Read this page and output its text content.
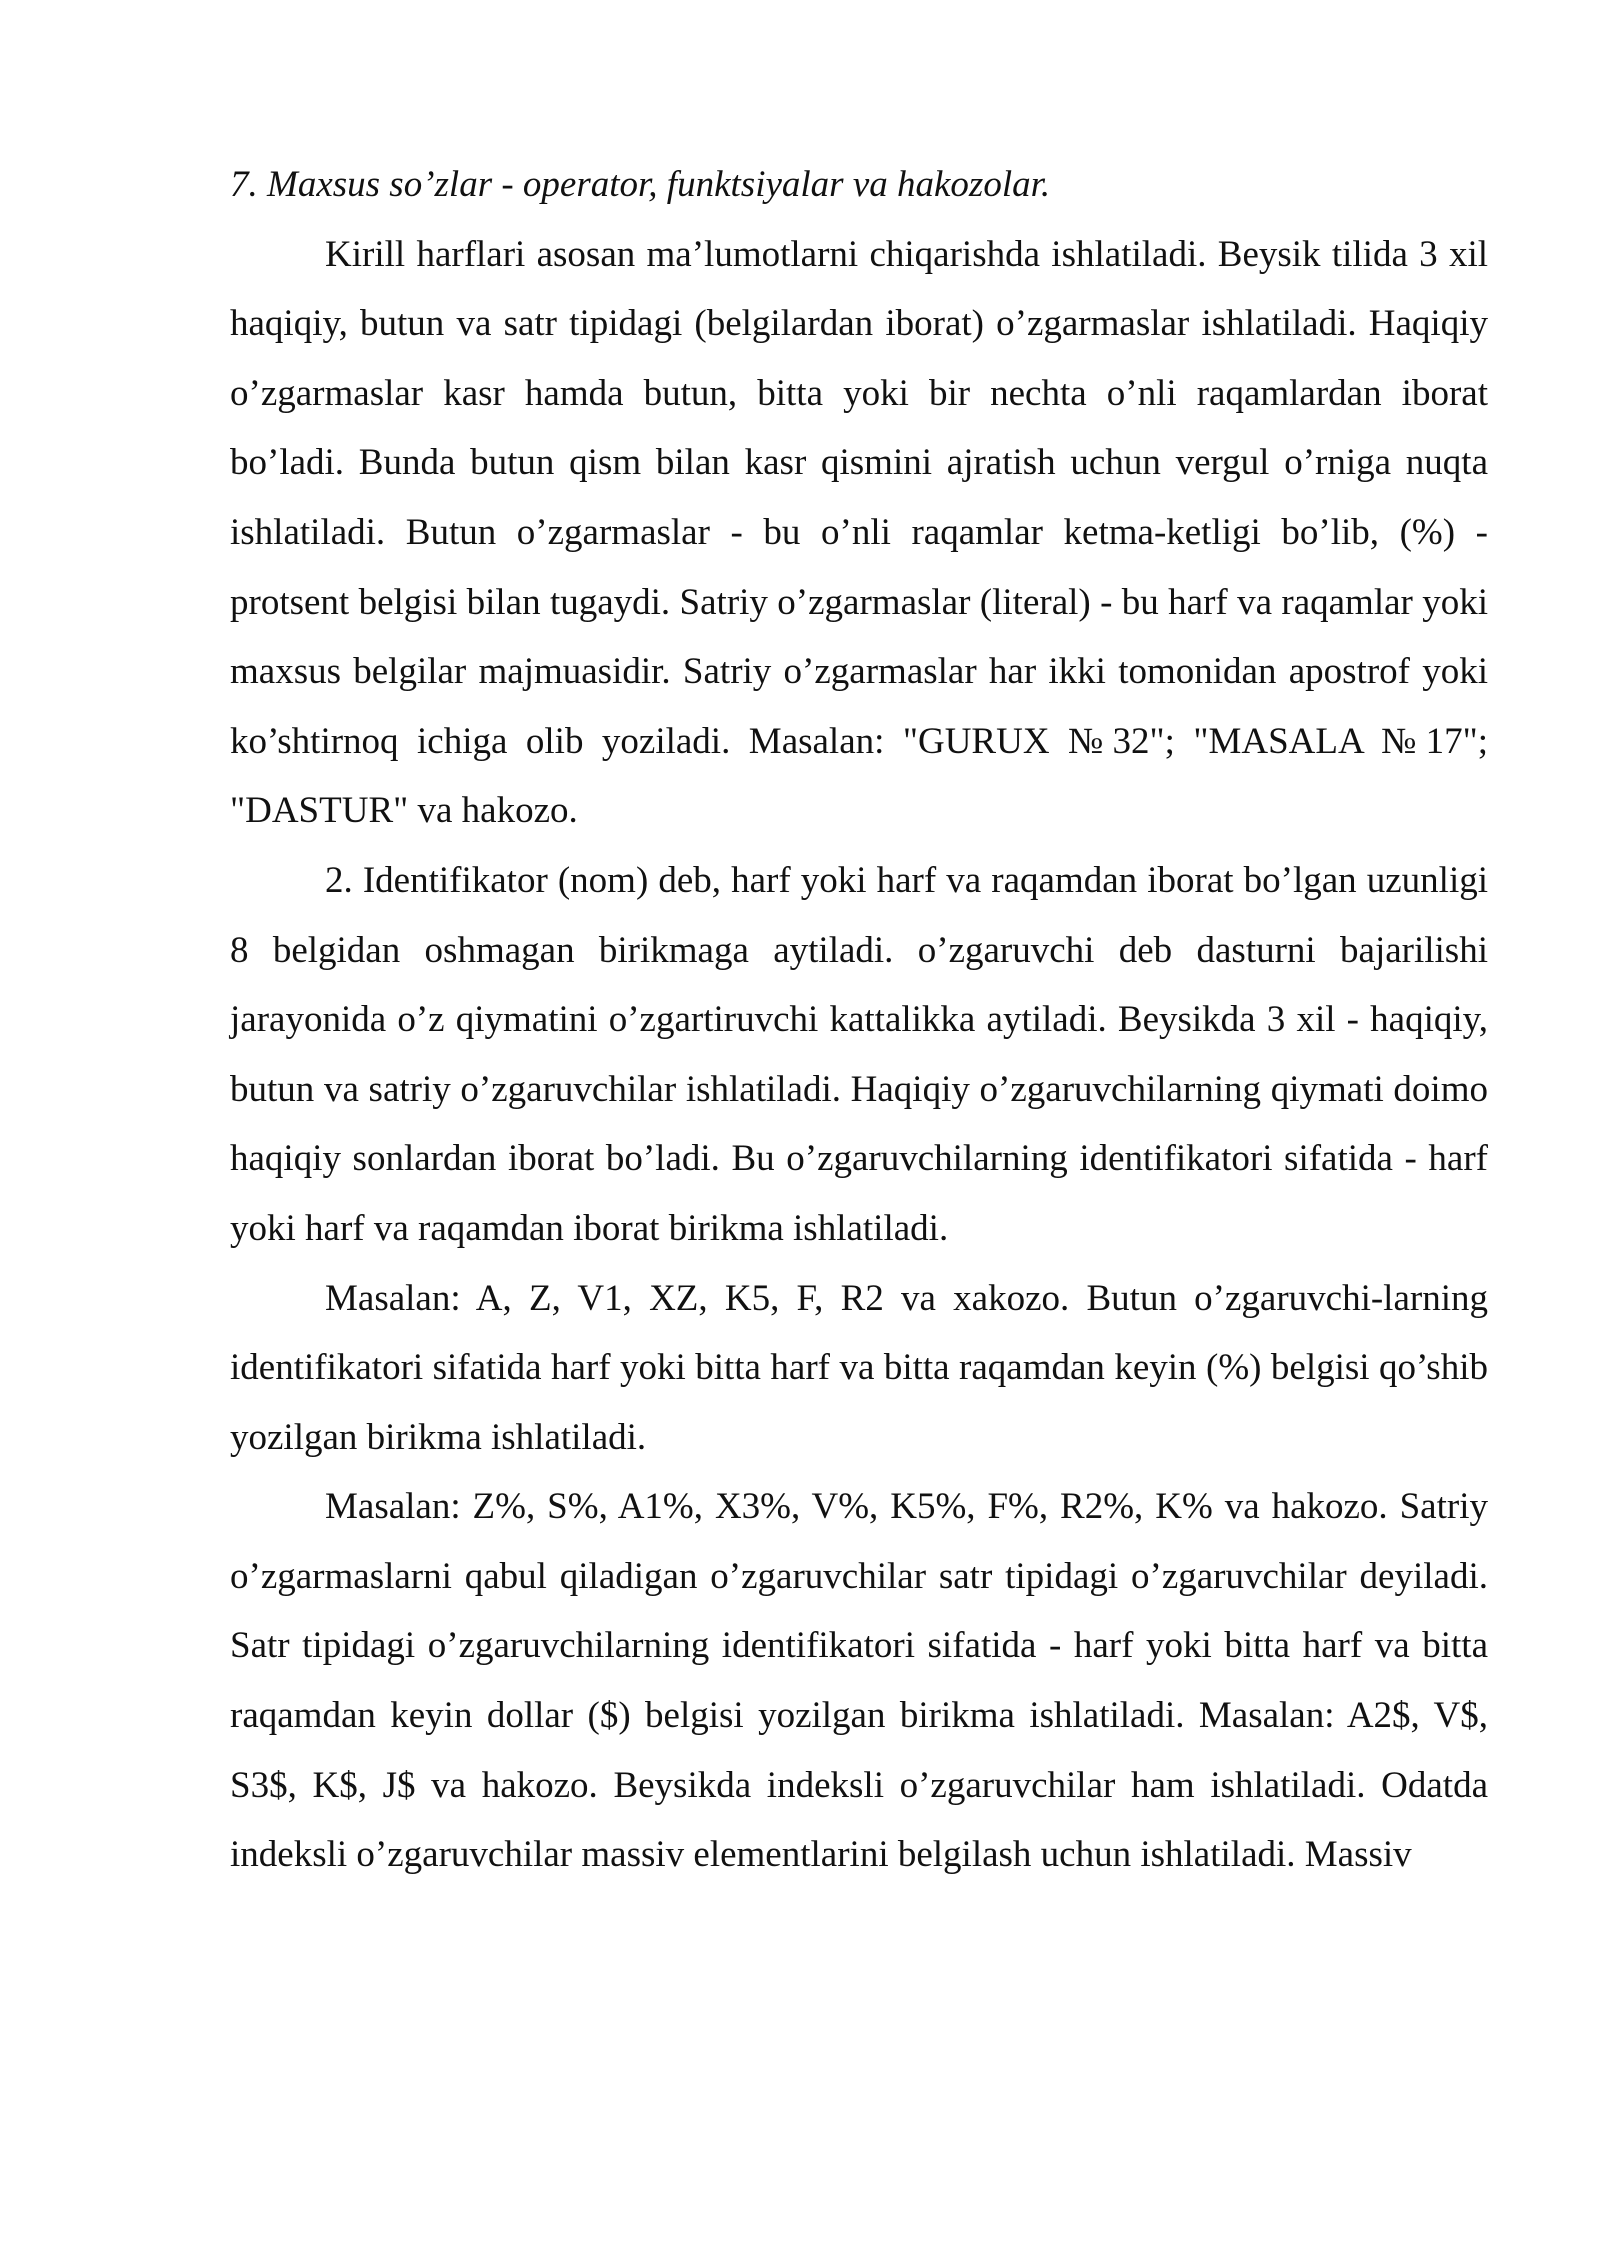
7. Maxsus so’zlar - operator, funktsiyalar va hakozolar.

Kirill harflari asosan ma’lumotlarni chiqarishda ishlatiladi. Beysik tilida 3 xil haqiqiy, butun va satr tipidagi (belgilardan iborat) o’zgarmaslar ishlatiladi. Haqiqiy o’zgarmaslar kasr hamda butun, bitta yoki bir nechta o’nli raqamlardan iborat bo’ladi. Bunda butun qism bilan kasr qismini ajratish uchun vergul o’rniga nuqta ishlatiladi. Butun o’zgarmaslar - bu o’nli raqamlar ketma-ketligi bo’lib, (%) -protsent belgisi bilan tugaydi. Satriy o’zgarmaslar (literal) - bu harf va raqamlar yoki maxsus belgilar majmuasidir. Satriy o’zgarmaslar har ikki tomonidan apostrof yoki ko’shtirnoq ichiga olib yoziladi. Masalan: "GURUX №32"; "MASALA №17"; "DASTUR" va hakozo.

2. Identifikator (nom) deb, harf yoki harf va raqamdan iborat bo’lgan uzunligi 8 belgidan oshmagan birikmaga aytiladi. o’zgaruvchi deb dasturni bajarilishi jarayonida o’z qiymatini o’zgartiruvchi kattalikka aytiladi. Beysikda 3 xil - haqiqiy, butun va satriy o’zgaruvchilar ishlatiladi. Haqiqiy o’zgaruvchilarning qiymati doimo haqiqiy sonlardan iborat bo’ladi. Bu o’zgaruvchilarning identifikatori sifatida - harf yoki harf va raqamdan iborat birikma ishlatiladi.

Masalan: A, Z, V1, XZ, K5, F, R2 va xakozo. Butun o’zgaruvchi-larning identifikatori sifatida harf yoki bitta harf va bitta raqamdan keyin (%) belgisi qo’shib yozilgan birikma ishlatiladi.

Masalan: Z%, S%, A1%, X3%, V%, K5%, F%, R2%, K% va hakozo. Satriy o’zgarmaslarni qabul qiladigan o’zgaruvchilar satr tipidagi o’zgaruvchilar deyiladi. Satr tipidagi o’zgaruvchilarning identifikatori sifatida - harf yoki bitta harf va bitta raqamdan keyin dollar ($) belgisi yozilgan birikma ishlatiladi. Masalan: A2$, V$, S3$, K$, J$ va hakozo. Beysikda indeksli o’zgaruvchilar ham ishlatiladi. Odatda indeksli o’zgaruvchilar massiv elementlarini belgilash uchun ishlatiladi. Massiv
